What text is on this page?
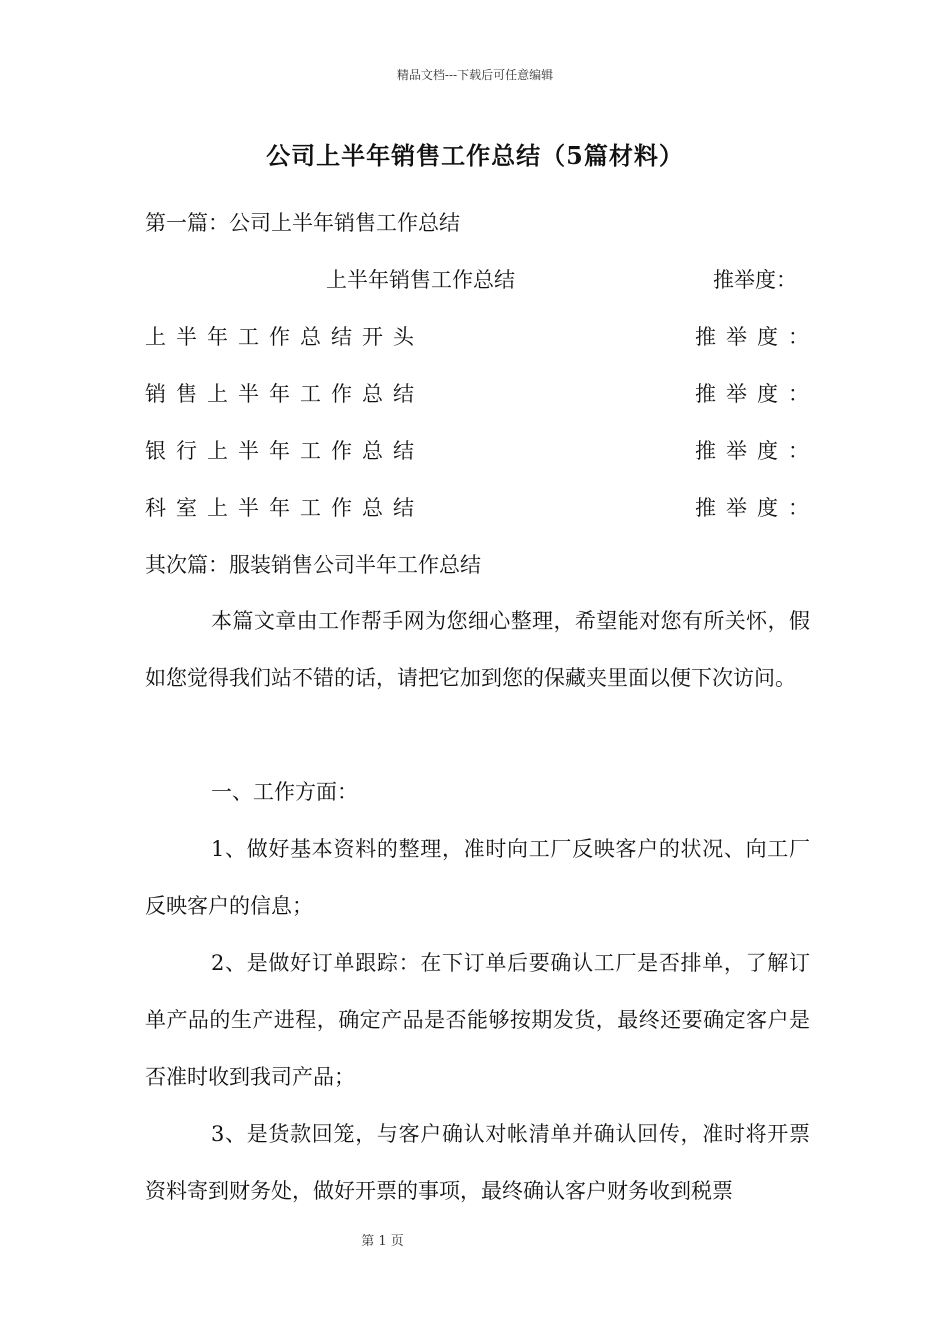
精品文档---下载后可任意编辑
公司上半年销售工作总结（5篇材料）
第一篇：公司上半年销售工作总结
上半年销售工作总结	推举度：
上半年工作总结开头	推举度：
销售上半年工作总结	推举度：
银行上半年工作总结	推举度：
科室上半年工作总结	推举度：
其次篇：服装销售公司半年工作总结
本篇文章由工作帮手网为您细心整理，希望能对您有所关怀，假如您觉得我们站不错的话，请把它加到您的保藏夹里面以便下次访问。
一、工作方面：
1、做好基本资料的整理，准时向工厂反映客户的状况、向工厂反映客户的信息；
2、是做好订单跟踪：在下订单后要确认工厂是否排单，了解订单产品的生产进程，确定产品是否能够按期发货，最终还要确定客户是否准时收到我司产品；
3、是货款回笼，与客户确认对帐清单并确认回传，准时将开票资料寄到财务处，做好开票的事项，最终确认客户财务收到税票
第 1 页
